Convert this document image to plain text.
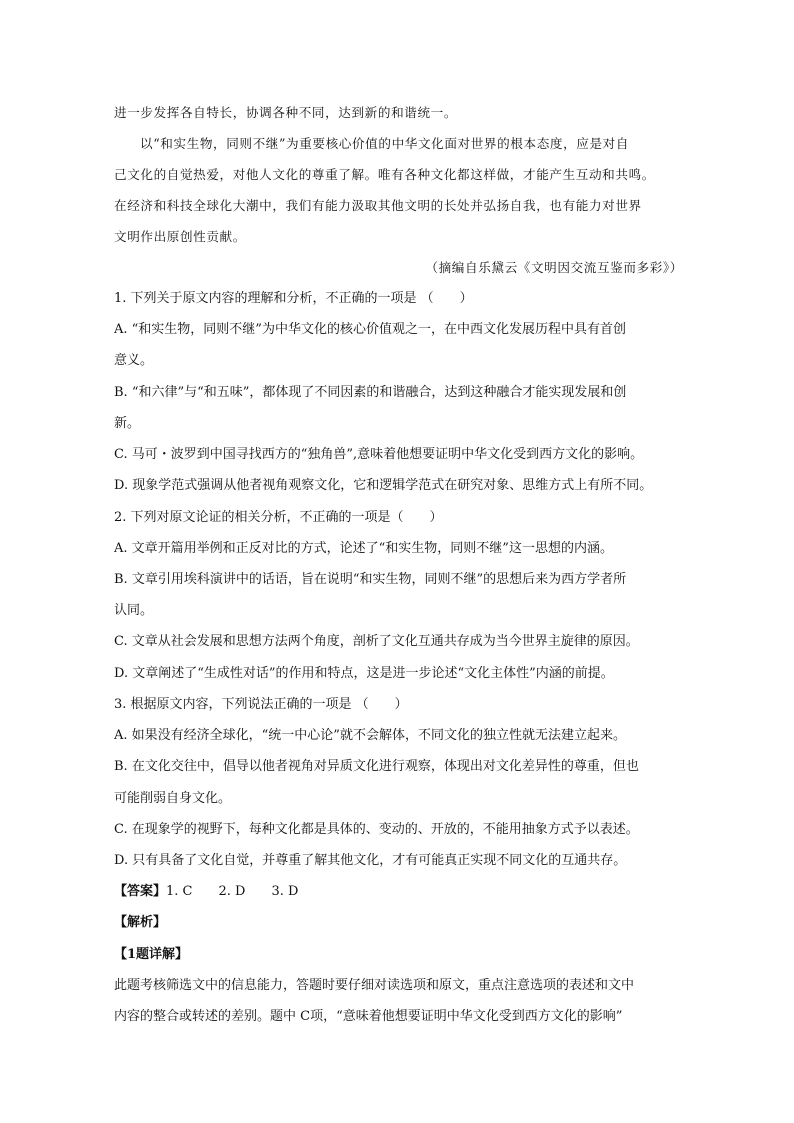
进一步发挥各自特长，协调各种不同，达到新的和谐统一。
以“和实生物，同则不继”为重要核心价值的中华文化面对世界的根本态度，应是对自
己文化的自觉热爱，对他人文化的尊重了解。唯有各种文化都这样做，才能产生互动和共鸣。
在经济和科技全球化大潮中，我们有能力汲取其他文明的长处并弘扬自我，也有能力对世界
文明作出原创性贡献。
（摘编自乐黛云《文明因交流互鉴而多彩》）
1. 下列关于原文内容的理解和分析，不正确的一项是 （　　）
A. “和实生物，同则不继”为中华文化的核心价值观之一，在中西文化发展历程中具有首创
意义。
B. “和六律”与“和五味”，都体现了不同因素的和谐融合，达到这种融合才能实现发展和创
新。
C. 马可・波罗到中国寻找西方的“独角兽”,意味着他想要证明中华文化受到西方文化的影响。
D. 现象学范式强调从他者视角观察文化，它和逻辑学范式在研究对象、思维方式上有所不同。
2. 下列对原文论证的相关分析，不正确的一项是（　　）
A. 文章开篇用举例和正反对比的方式，论述了“和实生物，同则不继”这一思想的内涵。
B. 文章引用埃科演讲中的话语，旨在说明“和实生物，同则不继”的思想后来为西方学者所
认同。
C. 文章从社会发展和思想方法两个角度，剖析了文化互通共存成为当今世界主旋律的原因。
D. 文章阐述了“生成性对话”的作用和特点，这是进一步论述“文化主体性”内涵的前提。
3. 根据原文内容，下列说法正确的一项是 （　　）
A. 如果没有经济全球化，“统一中心论”就不会解体，不同文化的独立性就无法建立起来。
B. 在文化交往中，倡导以他者视角对异质文化进行观察，体现出对文化差异性的尊重，但也
可能削弱自身文化。
C. 在现象学的视野下，每种文化都是具体的、变动的、开放的，不能用抽象方式予以表述。
D. 只有具备了文化自觉，并尊重了解其他文化，才有可能真正实现不同文化的互通共存。
【答案】1. C　　2. D　　3. D
【解析】
【1题详解】
此题考核筛选文中的信息能力，答题时要仔细对读选项和原文，重点注意选项的表述和文中
内容的整合或转述的差别。题中 C项，“意味着他想要证明中华文化受到西方文化的影响”
